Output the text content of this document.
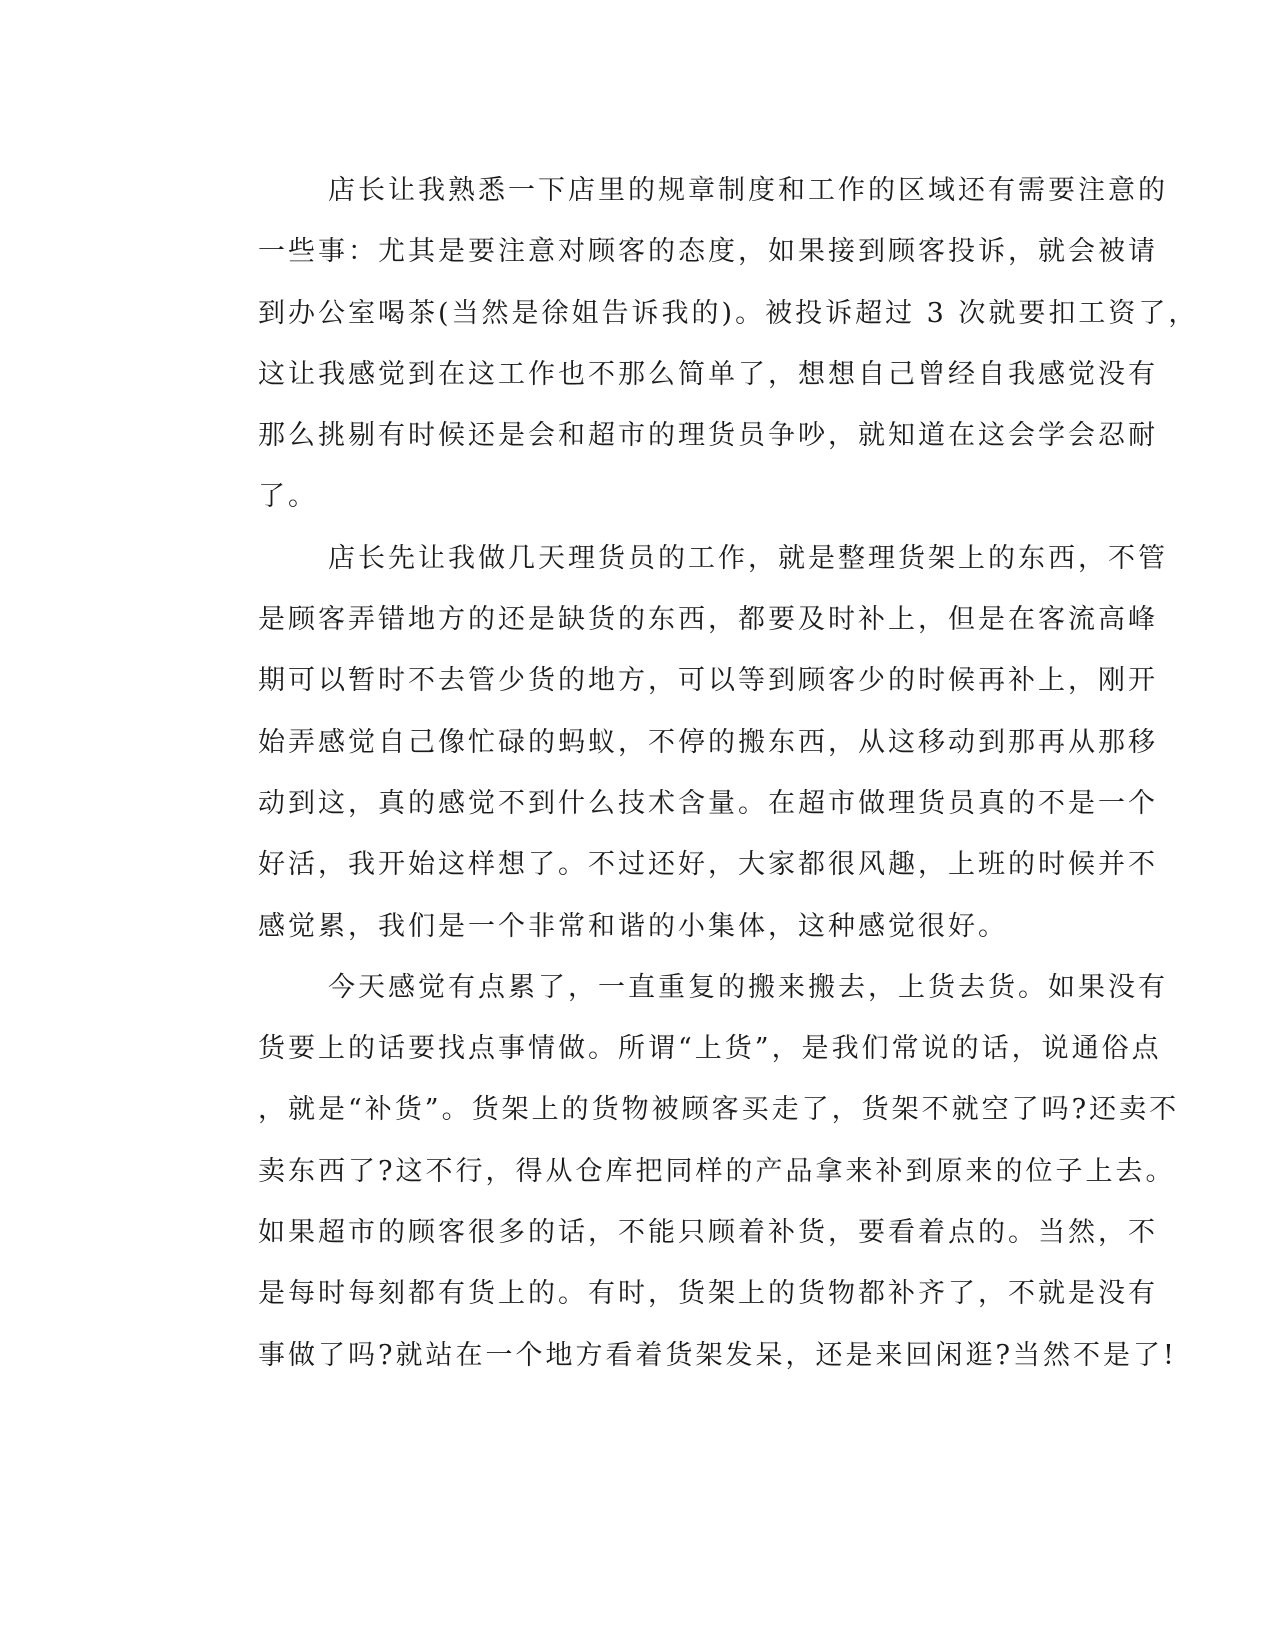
店长让我熟悉一下店里的规章制度和工作的区域还有需要注意的
一些事：尤其是要注意对顾客的态度，如果接到顾客投诉，就会被请
到办公室喝茶(当然是徐姐告诉我的)。被投诉超过 3 次就要扣工资了，
这让我感觉到在这工作也不那么简单了，想想自己曾经自我感觉没有
那么挑剔有时候还是会和超市的理货员争吵，就知道在这会学会忍耐
了。
店长先让我做几天理货员的工作，就是整理货架上的东西，不管
是顾客弄错地方的还是缺货的东西，都要及时补上，但是在客流高峰
期可以暂时不去管少货的地方，可以等到顾客少的时候再补上，刚开
始弄感觉自己像忙碌的蚂蚁，不停的搬东西，从这移动到那再从那移
动到这，真的感觉不到什么技术含量。在超市做理货员真的不是一个
好活，我开始这样想了。不过还好，大家都很风趣，上班的时候并不
感觉累，我们是一个非常和谐的小集体，这种感觉很好。
今天感觉有点累了，一直重复的搬来搬去，上货去货。如果没有
货要上的话要找点事情做。所谓“上货”，是我们常说的话，说通俗点
，就是“补货”。货架上的货物被顾客买走了，货架不就空了吗?还卖不
卖东西了?这不行，得从仓库把同样的产品拿来补到原来的位子上去。
如果超市的顾客很多的话，不能只顾着补货，要看着点的。当然，不
是每时每刻都有货上的。有时，货架上的货物都补齐了，不就是没有
事做了吗?就站在一个地方看着货架发呆，还是来回闲逛?当然不是了!
